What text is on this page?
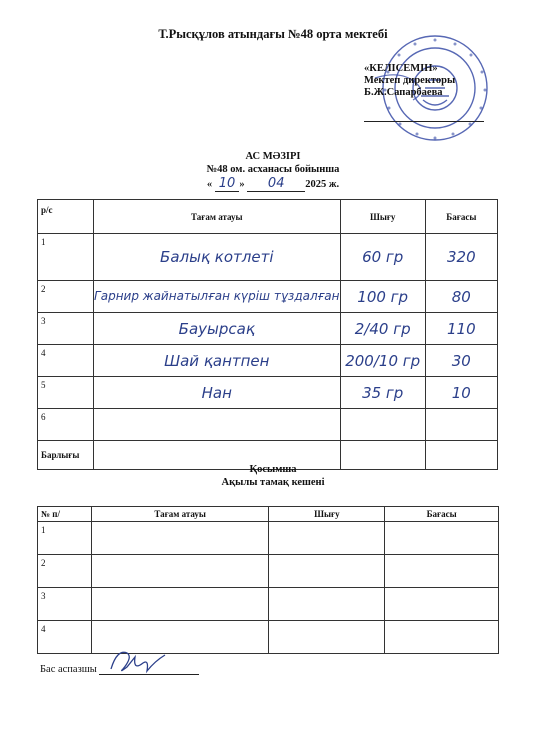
Т.Рысқұлов атындағы №48 орта мектебі
«КЕЛІСЕМІН»
Мектеп директоры
Б.Ж.Сапарбаева
АС МӘЗІРІ
№48 ом. асханасы бойынша
« 10 » 04 2025 ж.
р/с	Тағам атауы	Шығу	Бағасы
1	Балық котлеті	60 гр	320
2	Гарнир жайнатылған күріш тұздалған	100 гр	80
3	Бауырсақ	2/40 гр	110
4	Шай қантпен	200/10 гр	30
5	Нан	35 гр	10
6			
Барлығы			
Қосымша
Ақылы тамақ кешені
№ п/	Тағам атауы	Шығу	Бағасы
1			
2			
3			
4			
Бас аспазшы
